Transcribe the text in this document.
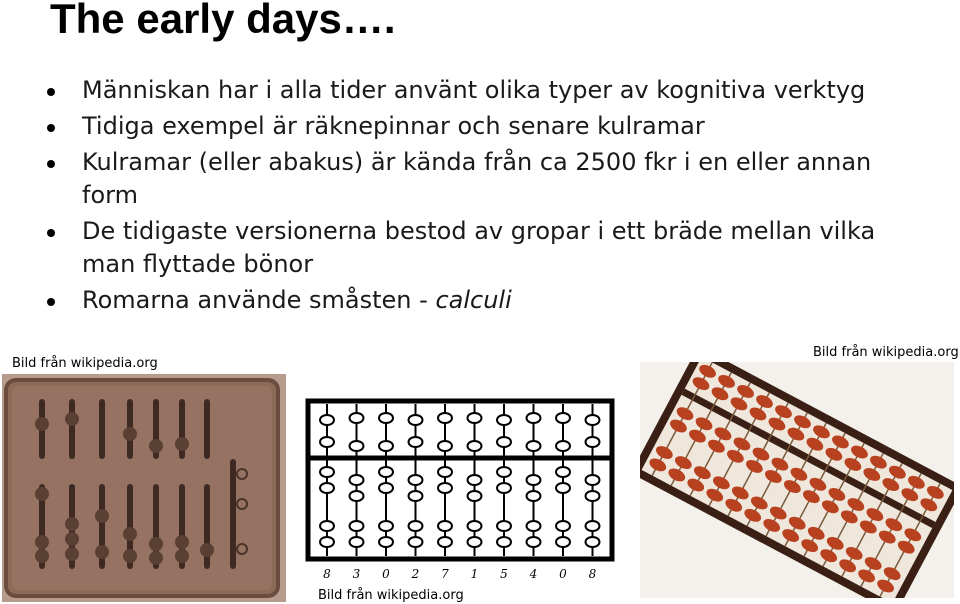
The early days….
Människan har i alla tider använt olika typer av kognitiva verktyg
Tidiga exempel är räknepinnar och senare kulramar
Kulramar (eller abakus) är kända från ca 2500 fkr i en eller annan form
De tidigaste versionerna bestod av gropar i ett bräde mellan vilka man flyttade bönor
Romarna använde småsten - calculi
Bild från wikipedia.org
8 3 0 2 7 1 5 4 0 8
Bild från wikipedia.org
Bild från wikipedia.org
